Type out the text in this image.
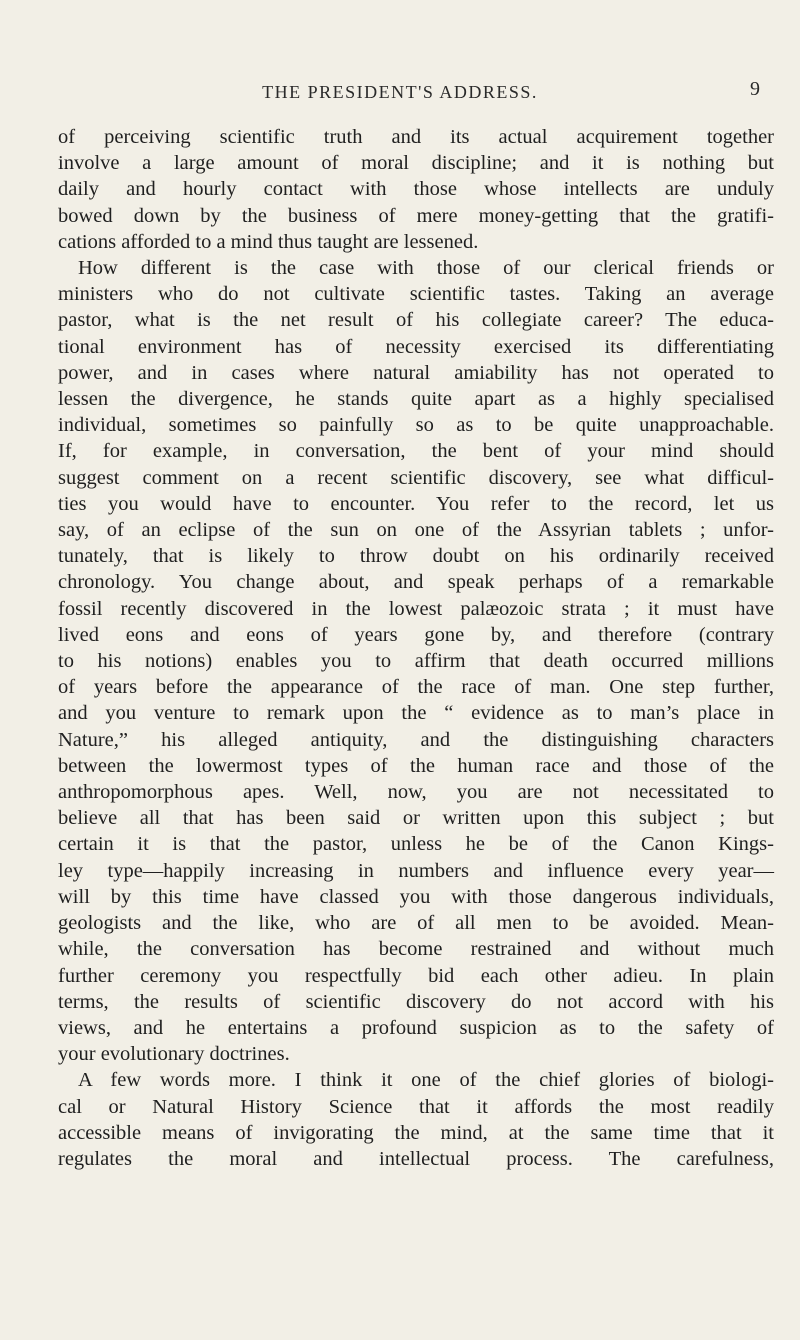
THE PRESIDENT'S ADDRESS.	9
of perceiving scientific truth and its actual acquirement together
involve a large amount of moral discipline; and it is nothing but
daily and hourly contact with those whose intellects are unduly
bowed down by the business of mere money-getting that the gratifi-
cations afforded to a mind thus taught are lessened.
How different is the case with those of our clerical friends or
ministers who do not cultivate scientific tastes. Taking an average
pastor, what is the net result of his collegiate career? The educa-
tional environment has of necessity exercised its differentiating
power, and in cases where natural amiability has not operated to
lessen the divergence, he stands quite apart as a highly specialised
individual, sometimes so painfully so as to be quite unapproachable.
If, for example, in conversation, the bent of your mind should
suggest comment on a recent scientific discovery, see what difficul-
ties you would have to encounter. You refer to the record, let us
say, of an eclipse of the sun on one of the Assyrian tablets ; unfor-
tunately, that is likely to throw doubt on his ordinarily received
chronology. You change about, and speak perhaps of a remarkable
fossil recently discovered in the lowest palæozoic strata ; it must have
lived eons and eons of years gone by, and therefore (contrary
to his notions) enables you to affirm that death occurred millions
of years before the appearance of the race of man. One step further,
and you venture to remark upon the “ evidence as to man’s place in
Nature,” his alleged antiquity, and the distinguishing characters
between the lowermost types of the human race and those of the
anthropomorphous apes. Well, now, you are not necessitated to
believe all that has been said or written upon this subject ; but
certain it is that the pastor, unless he be of the Canon Kings-
ley type—happily increasing in numbers and influence every year—
will by this time have classed you with those dangerous individuals,
geologists and the like, who are of all men to be avoided. Mean-
while, the conversation has become restrained and without much
further ceremony you respectfully bid each other adieu. In plain
terms, the results of scientific discovery do not accord with his
views, and he entertains a profound suspicion as to the safety of
your evolutionary doctrines.
A few words more. I think it one of the chief glories of biologi-
cal or Natural History Science that it affords the most readily
accessible means of invigorating the mind, at the same time that it
regulates the moral and intellectual process. The carefulness,
